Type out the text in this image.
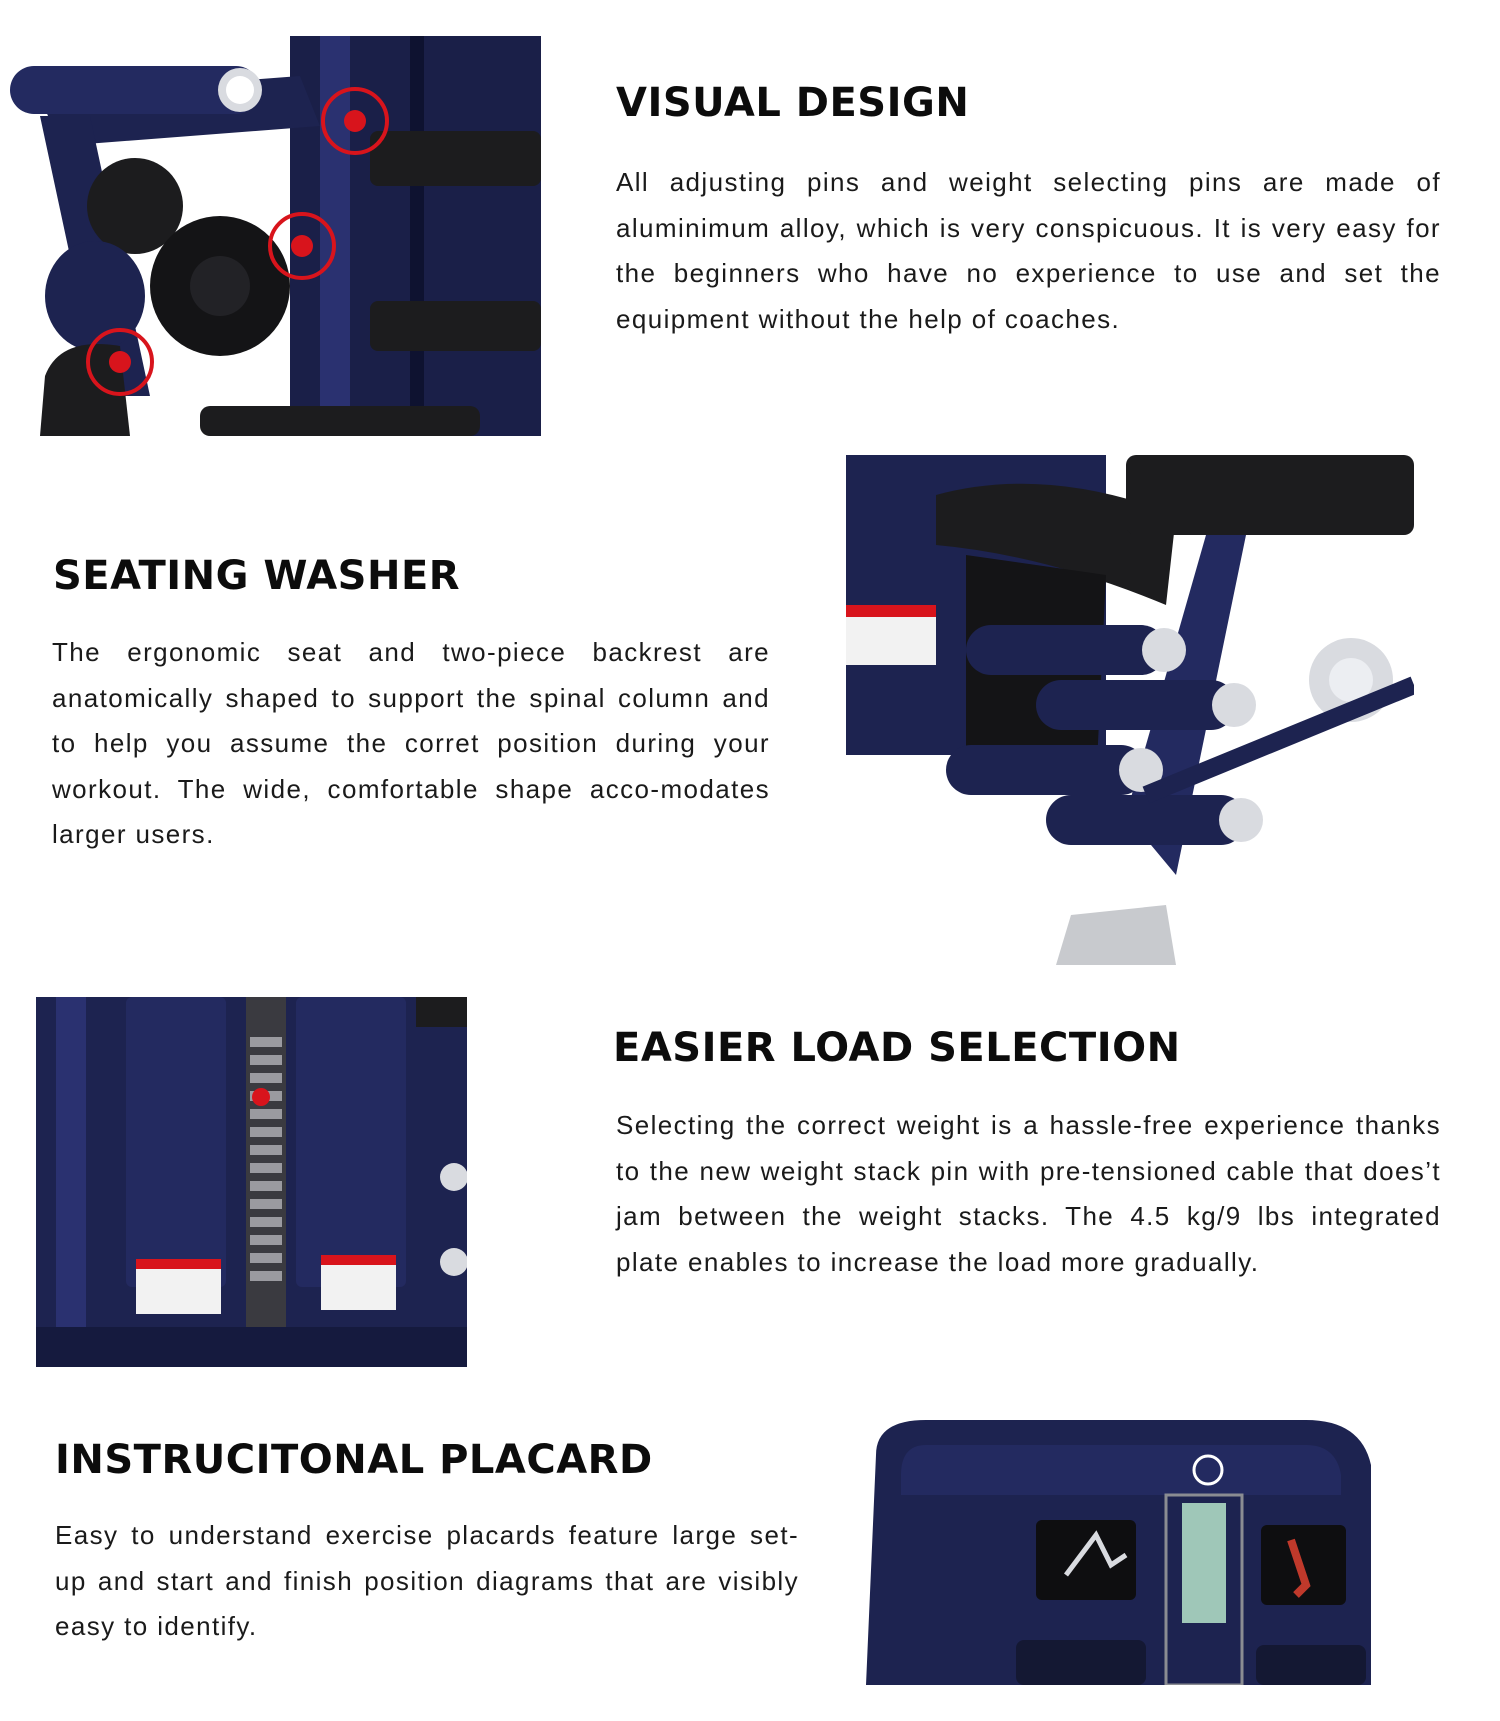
VISUAL DESIGN

All adjusting pins and weight selecting pins are made of aluminimum alloy, which is very conspicuous. It is very easy for the beginners who have no experience to use and set the equipment without the help of coaches.

SEATING WASHER

The ergonomic seat and two-piece backrest are anatomically shaped to support the spinal column and to help you assume the corret position during your workout. The wide, comfortable shape acco-modates larger users.

EASIER LOAD SELECTION

Selecting the correct weight is a hassle-free experience thanks to the new weight stack pin with pre-tensioned cable that does’t jam between the weight stacks. The 4.5 kg/9 lbs integrated plate enables to increase the load more gradually.

INSTRUCITONAL PLACARD

Easy to understand exercise placards feature large set-up and start and finish position diagrams that are visibly easy to identify.
